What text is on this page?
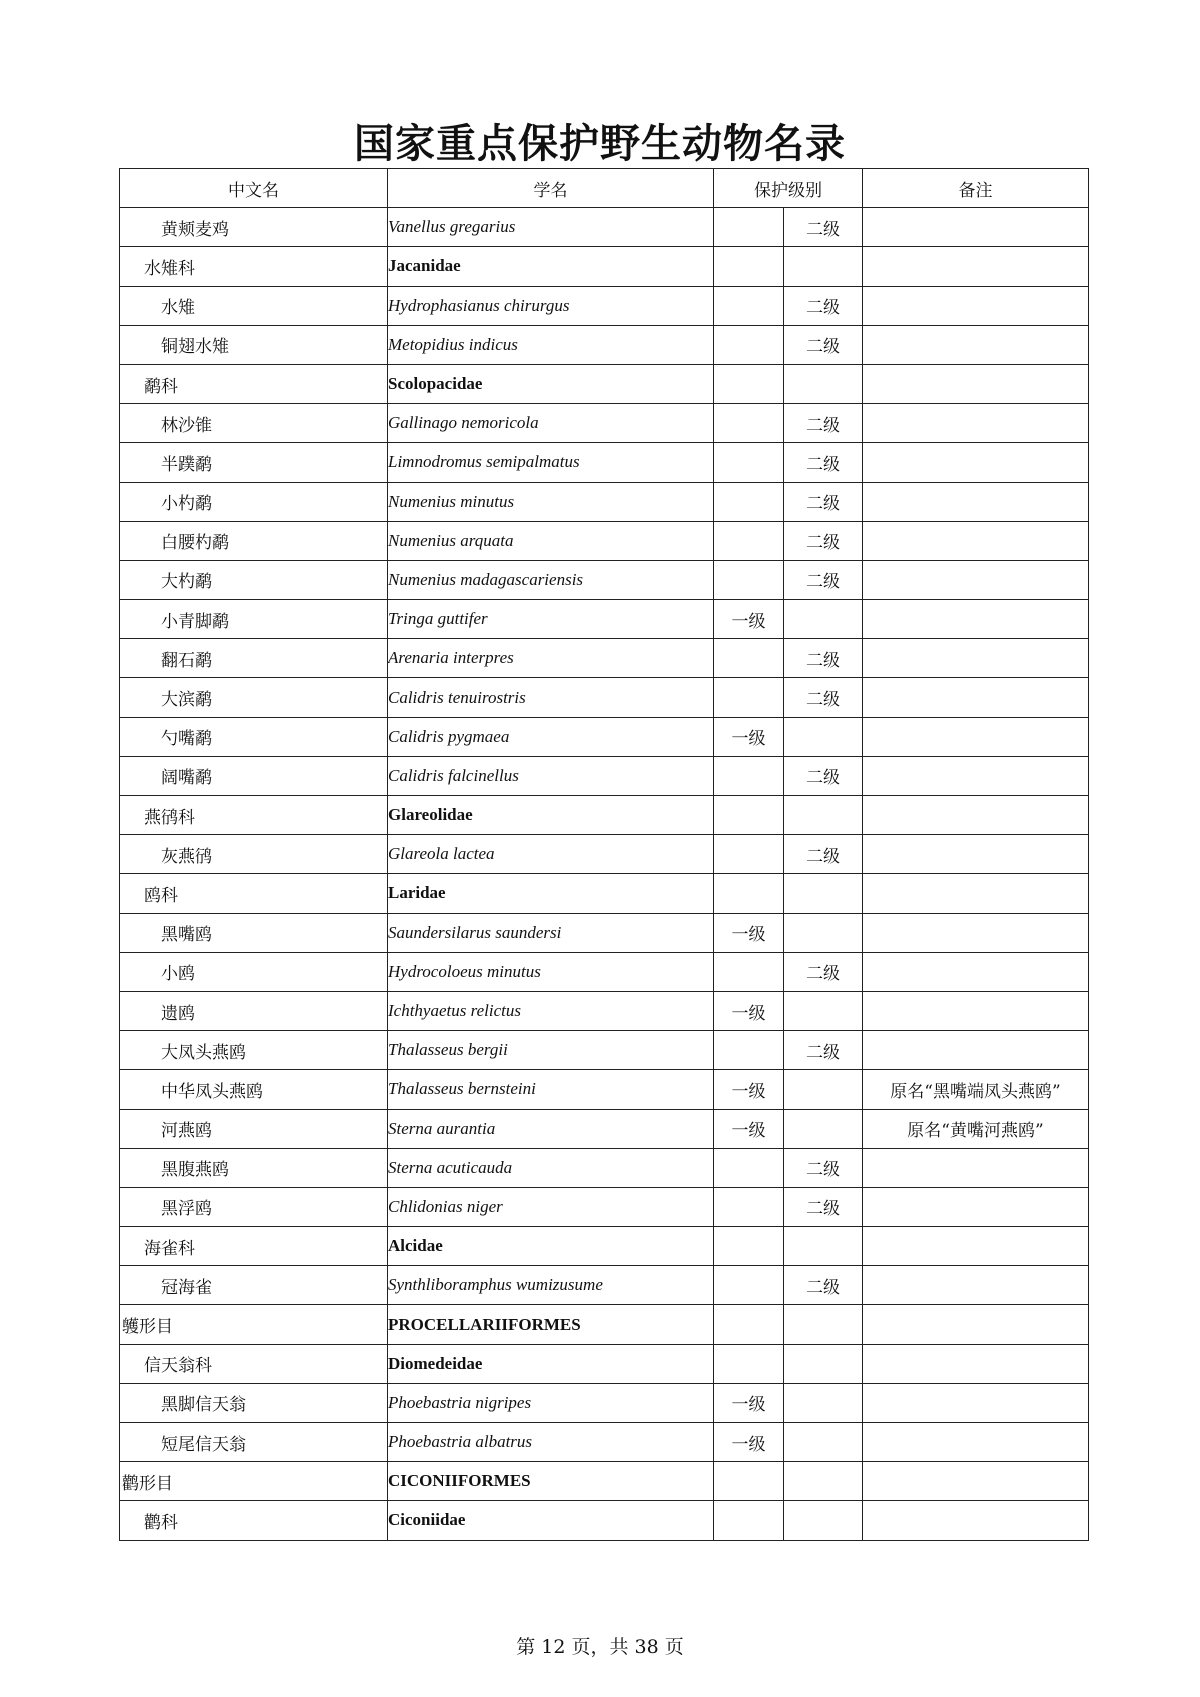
国家重点保护野生动物名录
中文名	学名	保护级别		备注
黄颊麦鸡	Vanellus gregarius		二级	
水雉科	Jacanidae			
水雉	Hydrophasianus chirurgus		二级	
铜翅水雉	Metopidius indicus		二级	
鹬科	Scolopacidae			
林沙锥	Gallinago nemoricola		二级	
半蹼鹬	Limnodromus semipalmatus		二级	
小杓鹬	Numenius minutus		二级	
白腰杓鹬	Numenius arquata		二级	
大杓鹬	Numenius madagascariensis		二级	
小青脚鹬	Tringa guttifer	一级		
翻石鹬	Arenaria interpres		二级	
大滨鹬	Calidris tenuirostris		二级	
勺嘴鹬	Calidris pygmaea	一级		
阔嘴鹬	Calidris falcinellus		二级	
燕鸻科	Glareolidae			
灰燕鸻	Glareola lactea		二级	
鸥科	Laridae			
黑嘴鸥	Saundersilarus saundersi	一级		
小鸥	Hydrocoloeus minutus		二级	
遗鸥	Ichthyaetus relictus	一级		
大凤头燕鸥	Thalasseus bergii		二级	
中华凤头燕鸥	Thalasseus bernsteini	一级		原名“黑嘴端凤头燕鸥”
河燕鸥	Sterna aurantia	一级		原名“黄嘴河燕鸥”
黑腹燕鸥	Sterna acuticauda		二级	
黑浮鸥	Chlidonias niger		二级	
海雀科	Alcidae			
冠海雀	Synthliboramphus wumizusume		二级	
鹱形目	PROCELLARIIFORMES			
信天翁科	Diomedeidae			
黑脚信天翁	Phoebastria nigripes	一级		
短尾信天翁	Phoebastria albatrus	一级		
鹳形目	CICONIIFORMES			
鹳科	Ciconiidae			
第 12 页，共 38 页
